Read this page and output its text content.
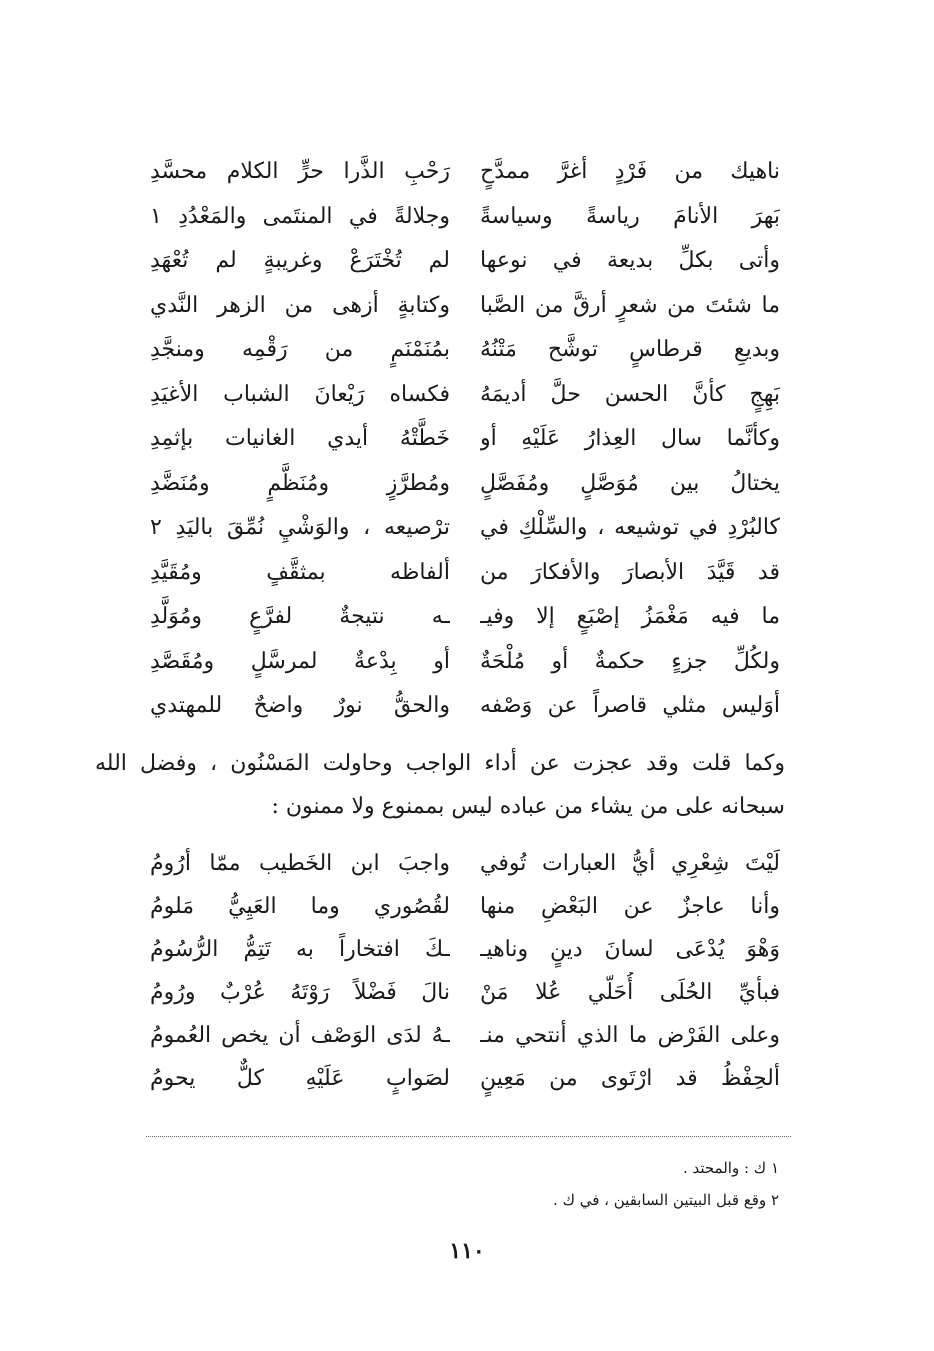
ناهيك من فَرْدٍ أغرَّ ممدَّحٍ
رَحْبِ الذَّرا حرٍّ الكلام محسَّدِ
بَهرَ الأنامَ رياسةً وسياسةً
وجلالةً في المنتَمى والمَعْدُدِ ١
وأتى بكلِّ بديعة في نوعها
لم تُخْتَرَعْ وغريبةٍ لم تُعْهَدِ
ما شئتَ من شعرٍ أرقَّ من الصَّبا
وكتابةٍ أزهى من الزهر النَّدي
وبديعِ قرطاسٍ توشَّح مَتْنُهُ
بمُنَمْنَمٍ من رَقْمِه ومنجَّدِ
بَهِجٍ كأنَّ الحسن حلَّ أديمَهُ
فكساه رَيْعانَ الشباب الأغيَدِ
وكأنَّما سال العِذارُ عَلَيْهِ أو
خَطَّتْهُ أيدي الغانيات بإثمِدِ
يختالُ بين مُوَصَّلٍ ومُفَصَّلٍ
ومُطرَّزٍ ومُنَظَّمٍ ومُنَضَّدِ
كالبُرْدِ في توشيعه ، والسِّلْكِ في
ترْصيعه ، والوَشْيِ نُمِّقَ باليَدِ ٢
قد قَيَّدَ الأبصارَ والأفكارَ من
ألفاظه بمثقَّفٍ ومُقَيَّدِ
ما فيه مَغْمَزُ إصْبَعٍ إلا وفيـ
ـه نتيجةٌ لفرَّعٍ ومُوَلَّدِ
ولكُلِّ جزءٍ حكمةٌ أو مُلْحَةٌ
أو بِدْعةٌ لمرسَّلٍ ومُقَصَّدِ
أوَليس مثلي قاصراً عن وَصْفه
والحقُّ نورٌ واضحٌ للمهتدي
وكما قلت وقد عجزت عن أداء الواجب وحاولت المَسْنُون ، وفضل الله
سبحانه على من يشاء من عباده ليس بممنوع ولا ممنون :
لَيْتَ شِعْرِي أيُّ العبارات تُوفي
واجبَ ابن الخَطيب ممّا أرُومُ
وأنا عاجزٌ عن البَعْضِ منها
لقُصُوري وما العَيِيُّ مَلومُ
وَهْوَ يُدْعَى لسانَ دينٍ وناهيـ
ـكَ افتخاراً به تَتِمُّ الرُّسُومُ
فبأيِّ الحُلَى أُحَلّي عُلا مَنْ
نالَ فَضْلاً رَوْتَهُ عُرْبٌ ورُومُ
وعلى الفَرْض ما الذي أنتحي منـ
ـهُ لدَى الوَصْف أن يخص العُمومُ
ألحِفْظُ قد ارْتَوى من مَعِينٍ
لصَوابٍ عَلَيْهِ كلٌّ يحومُ
١ ك : والمحتد .
٢ وقع قبل البيتين السابقين ، في ك .
١١٠
